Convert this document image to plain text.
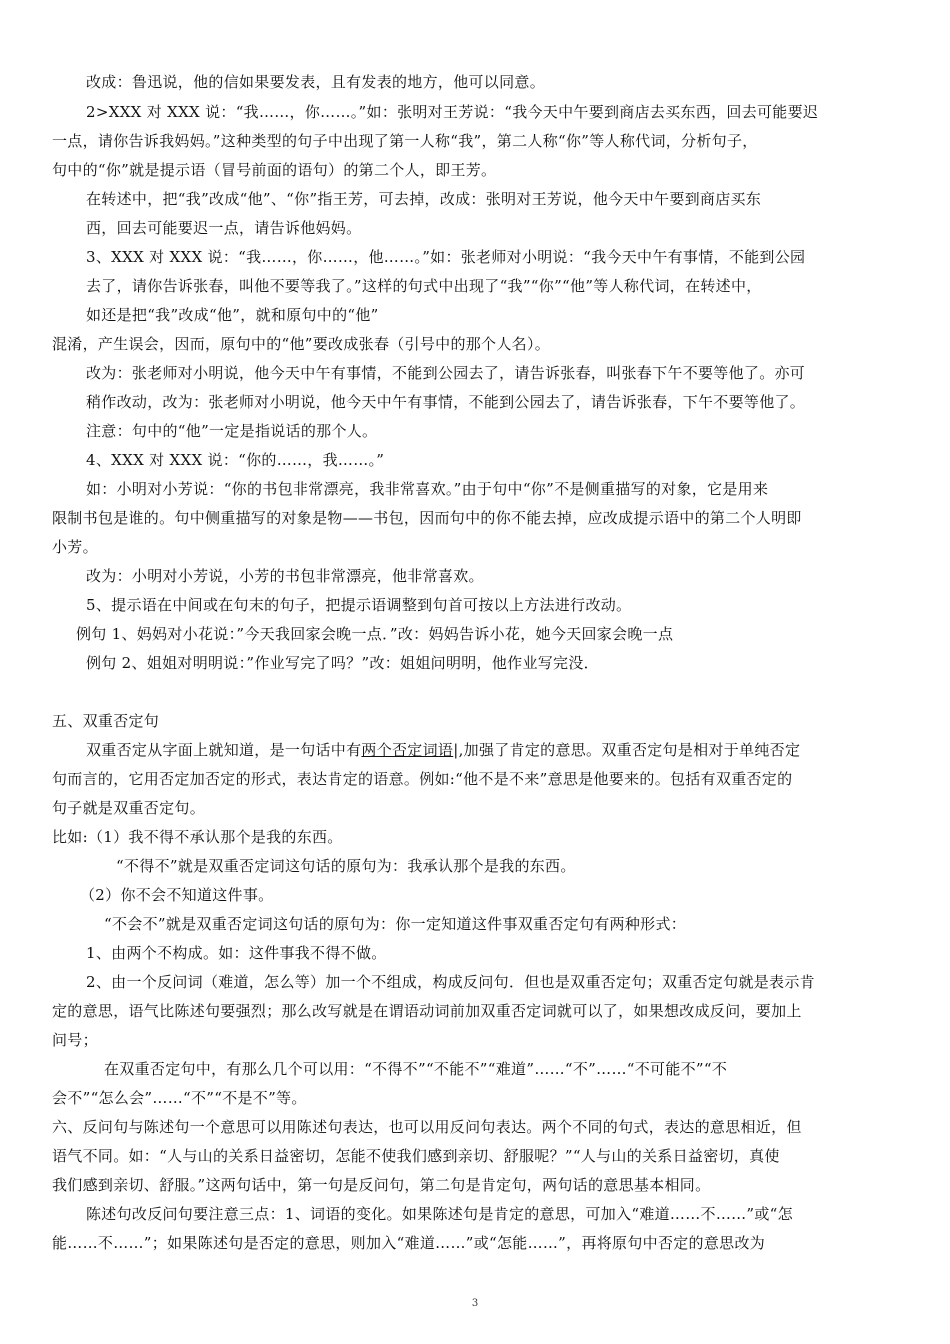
改成：鲁迅说，他的信如果要发表，且有发表的地方，他可以同意。
2>XXX 对 XXX 说：“我……，你……。”如：张明对王芳说：“我今天中午要到商店去买东西，回去可能要迟
一点，请你告诉我妈妈。”这种类型的句子中出现了第一人称“我”，第二人称“你”等人称代词，分析句子，
句中的“你”就是提示语（冒号前面的语句）的第二个人，即王芳。
在转述中，把“我”改成“他”、“你”指王芳，可去掉，改成：张明对王芳说，他今天中午要到商店买东
西，回去可能要迟一点，请告诉他妈妈。
3、XXX 对 XXX 说：“我……，你……，他……。”如：张老师对小明说：“我今天中午有事情，不能到公园
去了，请你告诉张春，叫他不要等我了。”这样的句式中出现了“我”“你”“他”等人称代词，在转述中，
如还是把“我”改成“他”，就和原句中的“他”
混淆，产生误会，因而，原句中的“他”要改成张春（引号中的那个人名）。
改为：张老师对小明说，他今天中午有事情，不能到公园去了，请告诉张春，叫张春下午不要等他了。亦可
稍作改动，改为：张老师对小明说，他今天中午有事情，不能到公园去了，请告诉张春，下午不要等他了。
注意：句中的“他”一定是指说话的那个人。
4、XXX 对 XXX 说：“你的……，我……。”
如：小明对小芳说：“你的书包非常漂亮，我非常喜欢。”由于句中“你”不是侧重描写的对象，它是用来
限制书包是谁的。句中侧重描写的对象是物——书包，因而句中的你不能去掉，应改成提示语中的第二个人明即
小芳。
改为：小明对小芳说，小芳的书包非常漂亮，他非常喜欢。
5、提示语在中间或在句末的句子，把提示语调整到句首可按以上方法进行改动。
例句 1、妈妈对小花说：”今天我回家会晚一点．”改：妈妈告诉小花，她今天回家会晚一点
例句 2、姐姐对明明说：”作业写完了吗？”改：姐姐问明明，他作业写完没．
五、双重否定句
双重否定从字面上就知道，是一句话中有两个否定词语|,加强了肯定的意思。双重否定句是相对于单纯否定
句而言的，它用否定加否定的形式，表达肯定的语意。例如:“他不是不来”意思是他要来的。包括有双重否定的
句子就是双重否定句。
比如:（1）我不得不承认那个是我的东西。
“不得不”就是双重否定词这句话的原句为：我承认那个是我的东西。
（2）你不会不知道这件事。
“不会不”就是双重否定词这句话的原句为：你一定知道这件事双重否定句有两种形式：
1、由两个不构成。如：这件事我不得不做。
2、由一个反问词（难道，怎么等）加一个不组成，构成反问句．但也是双重否定句；双重否定句就是表示肯
定的意思，语气比陈述句要强烈；那么改写就是在谓语动词前加双重否定词就可以了，如果想改成反问，要加上
问号；
在双重否定句中，有那么几个可以用：“不得不”“不能不”“难道”……“不”……“不可能不”“不
会不”“怎么会”……“不”“不是不”等。
六、反问句与陈述句一个意思可以用陈述句表达，也可以用反问句表达。两个不同的句式，表达的意思相近，但
语气不同。如：“人与山的关系日益密切，怎能不使我们感到亲切、舒服呢？”“人与山的关系日益密切，真使
我们感到亲切、舒服。”这两句话中，第一句是反问句，第二句是肯定句，两句话的意思基本相同。
陈述句改反问句要注意三点：1、词语的变化。如果陈述句是肯定的意思，可加入“难道……不……”或“怎
能……不……”；如果陈述句是否定的意思，则加入“难道……”或“怎能……”，再将原句中否定的意思改为
3
